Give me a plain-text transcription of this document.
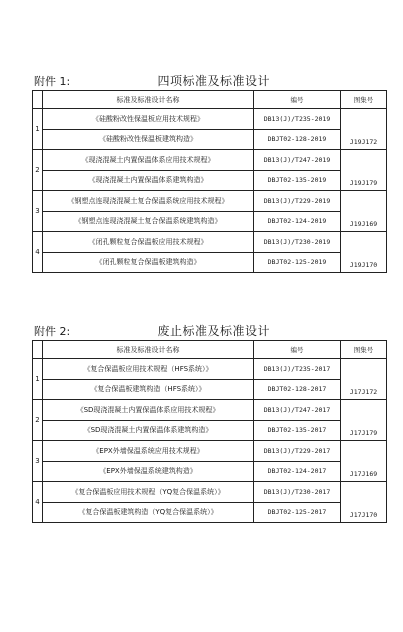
附件 1:	四项标准及标准设计
	标准及标准设计名称	编号	图集号
1	《硅酸粉改性保温板应用技术规程》	DB13(J)/T235-2019	J19J172
	《硅酸粉改性保温板建筑构造》	DBJT02-128-2019	
2	《现浇混凝土内置保温体系应用技术规程》	DB13(J)/T247-2019	J19J179
	《现浇混凝土内置保温体系建筑构造》	DBJT02-135-2019	
3	《钢塑点连现浇混凝土复合保温系统应用技术规程》	DB13(J)/T229-2019	J19J169
	《钢塑点连现浇混凝土复合保温系统建筑构造》	DBJT02-124-2019	
4	《闭孔颗粒复合保温板应用技术规程》	DB13(J)/T230-2019	J19J170
	《闭孔颗粒复合保温板建筑构造》	DBJT02-125-2019	
附件 2:	废止标准及标准设计
	标准及标准设计名称	编号	图集号
1	《复合保温板应用技术规程（HFS系统）》	DB13(J)/T235-2017	J17J172
	《复合保温板建筑构造（HFS系统）》	DBJT02-128-2017	
2	《SD现浇混凝土内置保温体系应用技术规程》	DB13(J)/T247-2017	J17J179
	《SD现浇混凝土内置保温体系建筑构造》	DBJT02-135-2017	
3	《EPX外墙保温系统应用技术规程》	DB13(J)/T229-2017	J17J169
	《EPX外墙保温系统建筑构造》	DBJT02-124-2017	
4	《复合保温板应用技术规程（YQ复合保温系统）》	DB13(J)/T230-2017	J17J170
	《复合保温板建筑构造（YQ复合保温系统）》	DBJT02-125-2017	
